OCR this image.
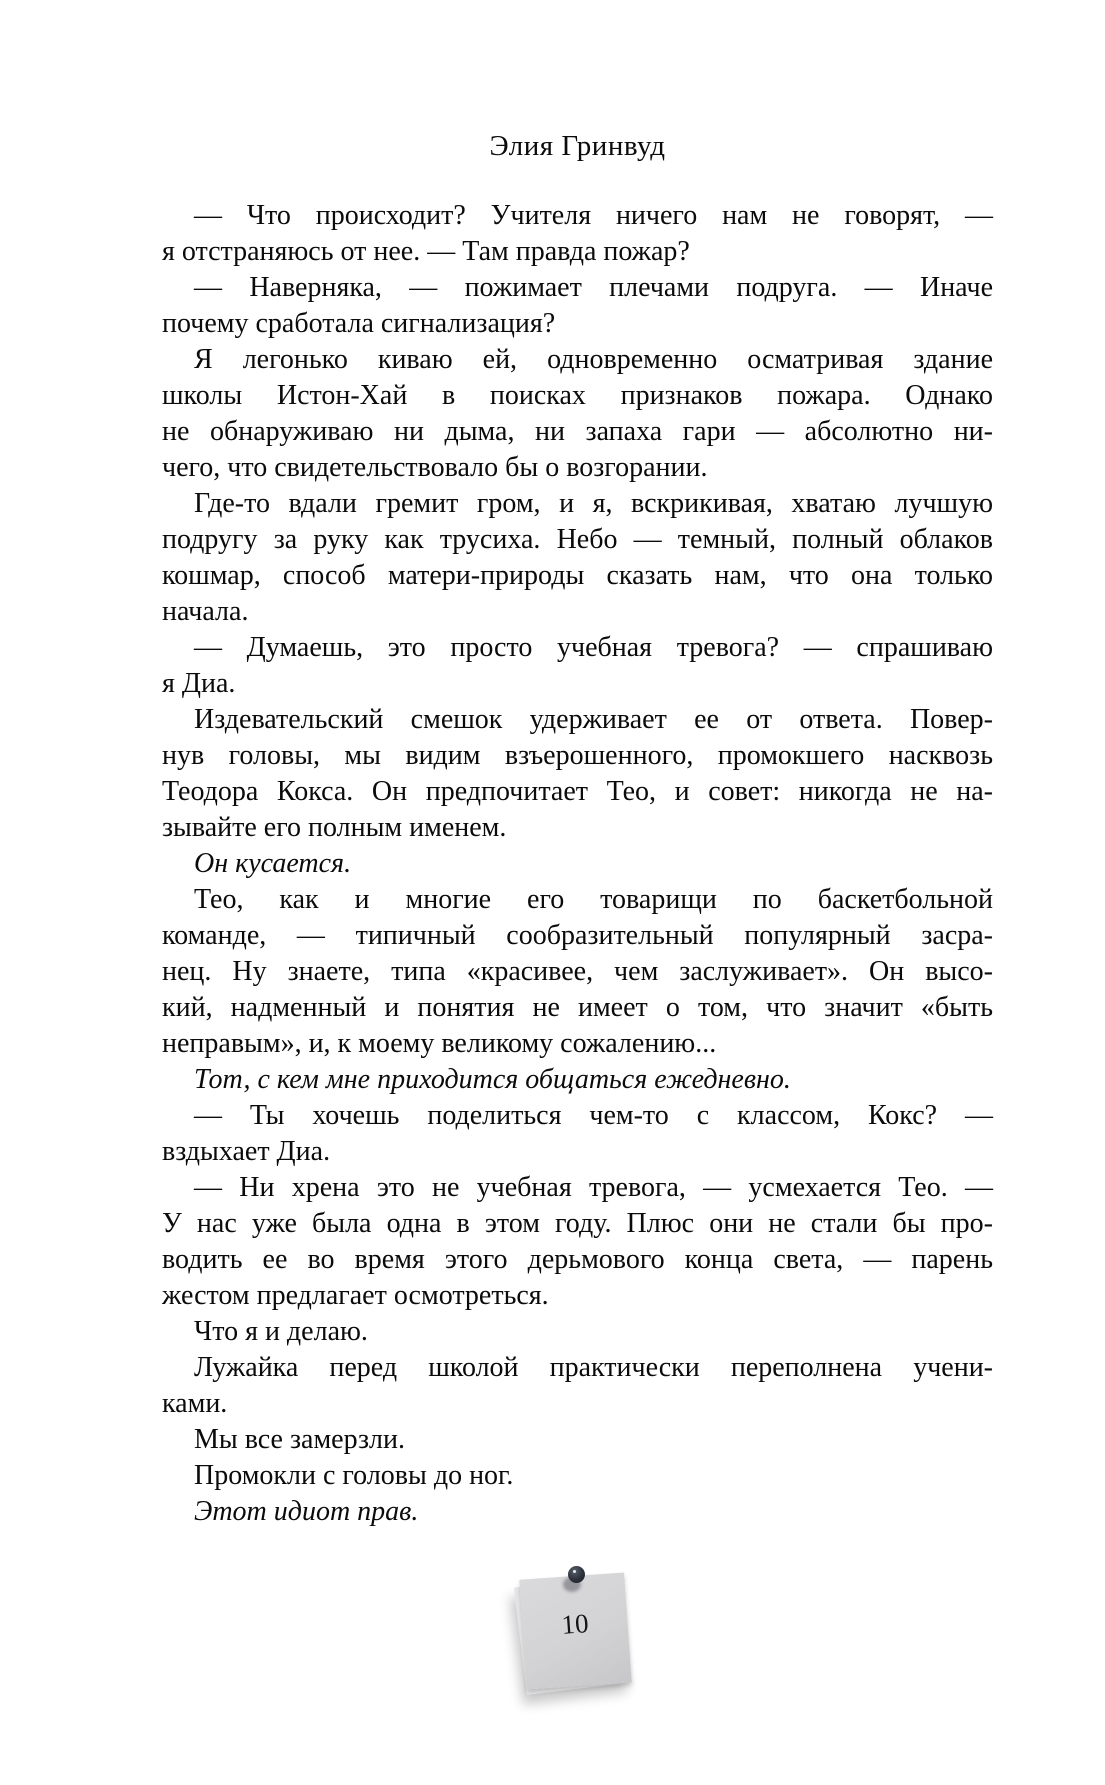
Элия Гринвуд
— Что происходит? Учителя ничего нам не говорят, —
я отстраняюсь от нее. — Там правда пожар?
— Наверняка, — пожимает плечами подруга. — Иначе
почему сработала сигнализация?
Я легонько киваю ей, одновременно осматривая здание
школы Истон-Хай в поисках признаков пожара. Однако
не обнаруживаю ни дыма, ни запаха гари — абсолютно ни-
чего, что свидетельствовало бы о возгорании.
Где-то вдали гремит гром, и я, вскрикивая, хватаю лучшую
подругу за руку как трусиха. Небо — темный, полный облаков
кошмар, способ матери-природы сказать нам, что она только
начала.
— Думаешь, это просто учебная тревога? — спрашиваю
я Диа.
Издевательский смешок удерживает ее от ответа. Повер-
нув головы, мы видим взъерошенного, промокшего насквозь
Теодора Кокса. Он предпочитает Тео, и совет: никогда не на-
зывайте его полным именем.
Он кусается.
Тео, как и многие его товарищи по баскетбольной
команде, — типичный сообразительный популярный засра-
нец. Ну знаете, типа «красивее, чем заслуживает». Он высо-
кий, надменный и понятия не имеет о том, что значит «быть
неправым», и, к моему великому сожалению...
Тот, с кем мне приходится общаться ежедневно.
— Ты хочешь поделиться чем-то с классом, Кокс? —
вздыхает Диа.
— Ни хрена это не учебная тревога, — усмехается Тео. —
У нас уже была одна в этом году. Плюс они не стали бы про-
водить ее во время этого дерьмового конца света, — парень
жестом предлагает осмотреться.
Что я и делаю.
Лужайка перед школой практически переполнена учени-
ками.
Мы все замерзли.
Промокли с головы до ног.
Этот идиот прав.
10
